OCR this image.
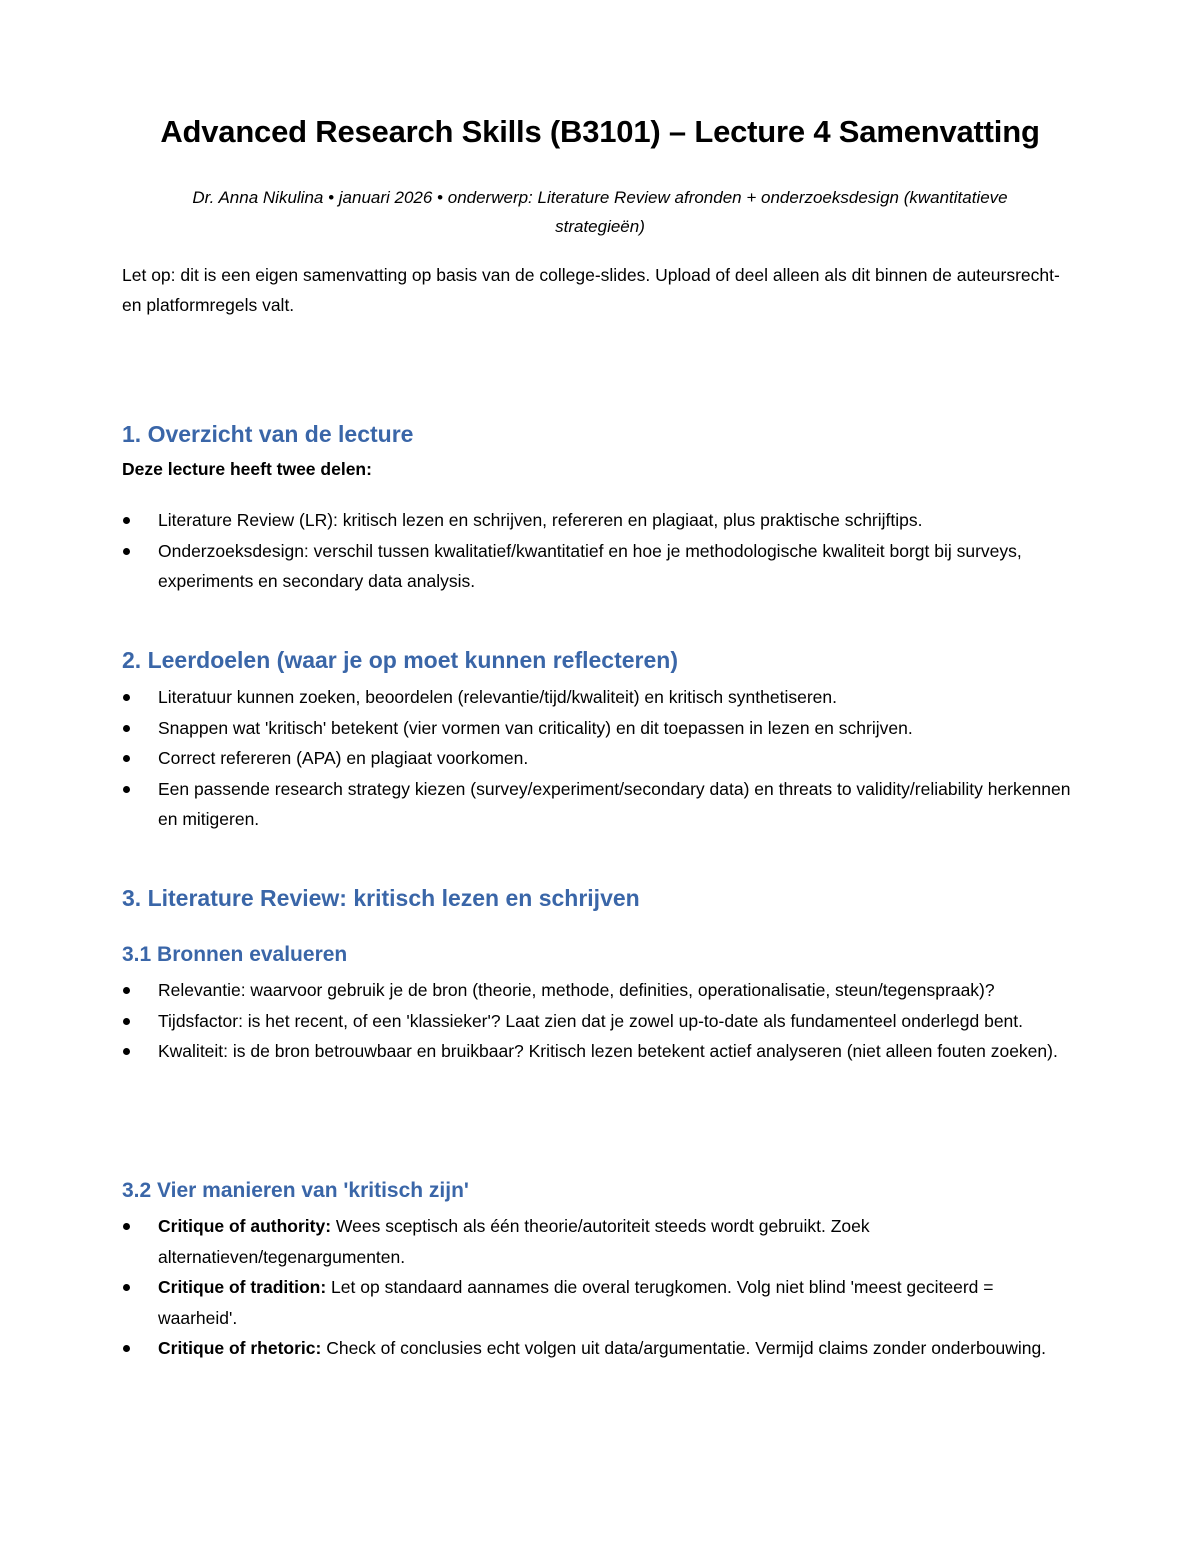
Advanced Research Skills (B3101) – Lecture 4 Samenvatting
Dr. Anna Nikulina • januari 2026 • onderwerp: Literature Review afronden + onderzoeksdesign (kwantitatieve strategieën)
Let op: dit is een eigen samenvatting op basis van de college-slides. Upload of deel alleen als dit binnen de auteursrecht- en platformregels valt.
1. Overzicht van de lecture
Deze lecture heeft twee delen:
Literature Review (LR): kritisch lezen en schrijven, refereren en plagiaat, plus praktische schrijftips.
Onderzoeksdesign: verschil tussen kwalitatief/kwantitatief en hoe je methodologische kwaliteit borgt bij surveys, experiments en secondary data analysis.
2. Leerdoelen (waar je op moet kunnen reflecteren)
Literatuur kunnen zoeken, beoordelen (relevantie/tijd/kwaliteit) en kritisch synthetiseren.
Snappen wat 'kritisch' betekent (vier vormen van criticality) en dit toepassen in lezen en schrijven.
Correct refereren (APA) en plagiaat voorkomen.
Een passende research strategy kiezen (survey/experiment/secondary data) en threats to validity/reliability herkennen en mitigeren.
3. Literature Review: kritisch lezen en schrijven
3.1 Bronnen evalueren
Relevantie: waarvoor gebruik je de bron (theorie, methode, definities, operationalisatie, steun/tegenspraak)?
Tijdsfactor: is het recent, of een 'klassieker'? Laat zien dat je zowel up-to-date als fundamenteel onderlegd bent.
Kwaliteit: is de bron betrouwbaar en bruikbaar? Kritisch lezen betekent actief analyseren (niet alleen fouten zoeken).
3.2 Vier manieren van 'kritisch zijn'
Critique of authority: Wees sceptisch als één theorie/autoriteit steeds wordt gebruikt. Zoek alternatieven/tegenargumenten.
Critique of tradition: Let op standaard aannames die overal terugkomen. Volg niet blind 'meest geciteerd = waarheid'.
Critique of rhetoric: Check of conclusies echt volgen uit data/argumentatie. Vermijd claims zonder onderbouwing.
